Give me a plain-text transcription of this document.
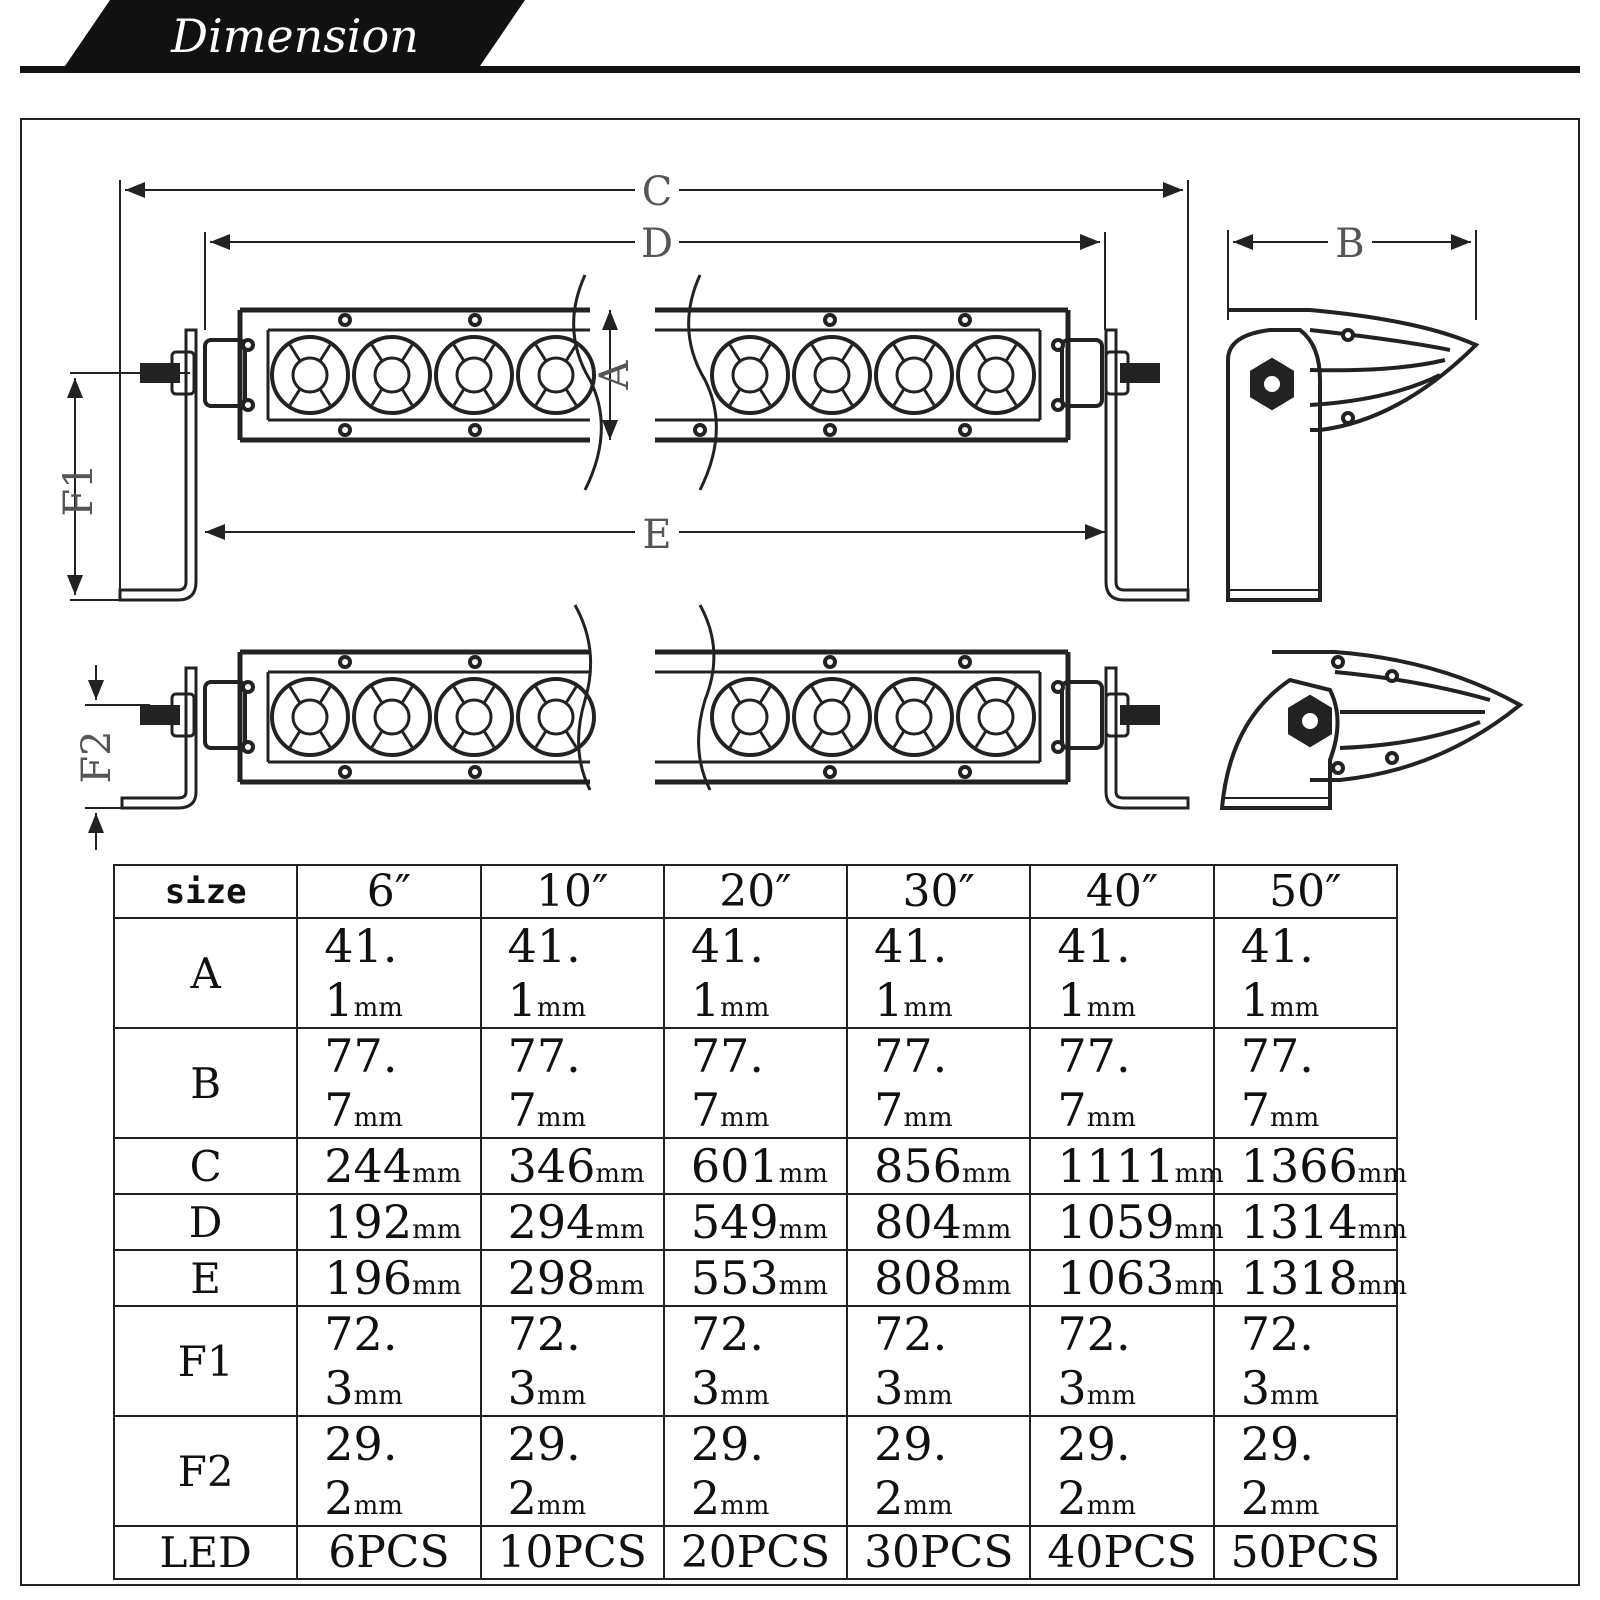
Dimension
C
D
E
B
A
F1
F2
size	6″	10″	20″	30″	40″	50″
A	41. 1mm	41. 1mm	41. 1mm	41. 1mm	41. 1mm	41. 1mm
B	77. 7mm	77. 7mm	77. 7mm	77. 7mm	77. 7mm	77. 7mm
C	244mm	346mm	601mm	856mm	1111mm	1366mm
D	192mm	294mm	549mm	804mm	1059mm	1314mm
E	196mm	298mm	553mm	808mm	1063mm	1318mm
F1	72. 3mm	72. 3mm	72. 3mm	72. 3mm	72. 3mm	72. 3mm
F2	29. 2mm	29. 2mm	29. 2mm	29. 2mm	29. 2mm	29. 2mm
LED	6PCS	10PCS	20PCS	30PCS	40PCS	50PCS
